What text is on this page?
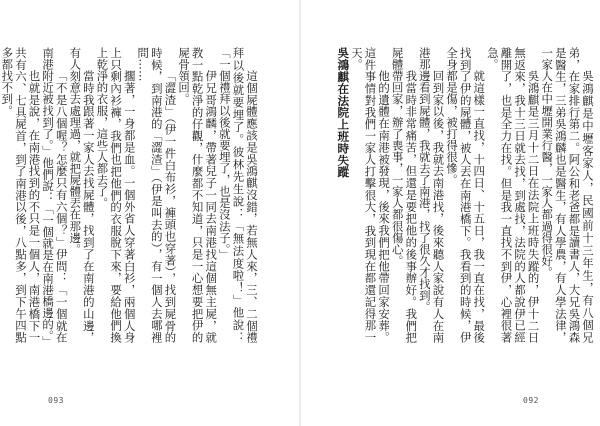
這個屍體應該是吳鴻麒沒錯，若無人來，三、二個禮拜以後就要埋了。彼林先生說：「無法度啦！」他說：「一個禮拜以後就要埋了，也是沒法子。」

伊兄哥鴻麟，帶著兒子一同去南港找這個無主屍，就教一點乾淨的仔觀，什麼都不知道，只是一心想要把伊的屍骨領回。

「澀渣」（伊一件白布衫，褲頭也穿著），找到屍骨的時候，到南港的「澀渣」（伊是叫去的），有一個人去哪裡問……

擱著，一身都是血。一個外省人穿著白衫，兩個人身上只剩內衫褲，我們也把他們的衣服脫下來，要給他們換上乾淨的衣服，這些人都去了。

當時我跟著一家人去找屍體，找到了在南港的山邊，有人刻意去處理過，就把屍體丟在那邊。

「不是八個喔？怎麼只有六個？」伊問：「一個就在南港附近被找到了。」他們說：「一個就是在南港橋邊的。」

也就是說，在南港找到的不只是一個人，南港橋下一共有六、七具屍首，到了南港以後，八點多，到下午四點多都找不到。

093

吳鴻麒是中壢客家人，民國前十三年生，有八個兄弟，在家排行第二。阿公和老爸都是讀書人，大兄吳鴻森是醫生，三弟吳鴻麟也是醫生，有人學農，有人學法律，一家人在中壢開業行醫，一家人都過得很好。

吳鴻麒是三月十二日在法院上班時失蹤的，伊十二日無返來，我十三日就去找，到處找，法院的人都說伊已經離開了，也是全力在找。但是我一直找不到伊，心裡很著急。

就這樣一直找，十四日、十五日，我一直在找，最後找到了伊的屍體，被人丟在南港橋下。我看到的時候，伊全身都是傷，被打得很慘。

回到家以後，我就去南港找，後來聽人家說有人在南港那邊看到屍體，我就去了南港，找了很久才找到。

我當時非常痛苦，但還是要把他的後事辦好。我們把屍體帶回家，辦了喪事，一家人都很傷心。

他的遺體在南港被發現，後來我們把他帶回家安葬。這件事情對我們一家人打擊很大，我到現在都還記得那一天。

吳鴻麒在法院上班時失蹤
092
